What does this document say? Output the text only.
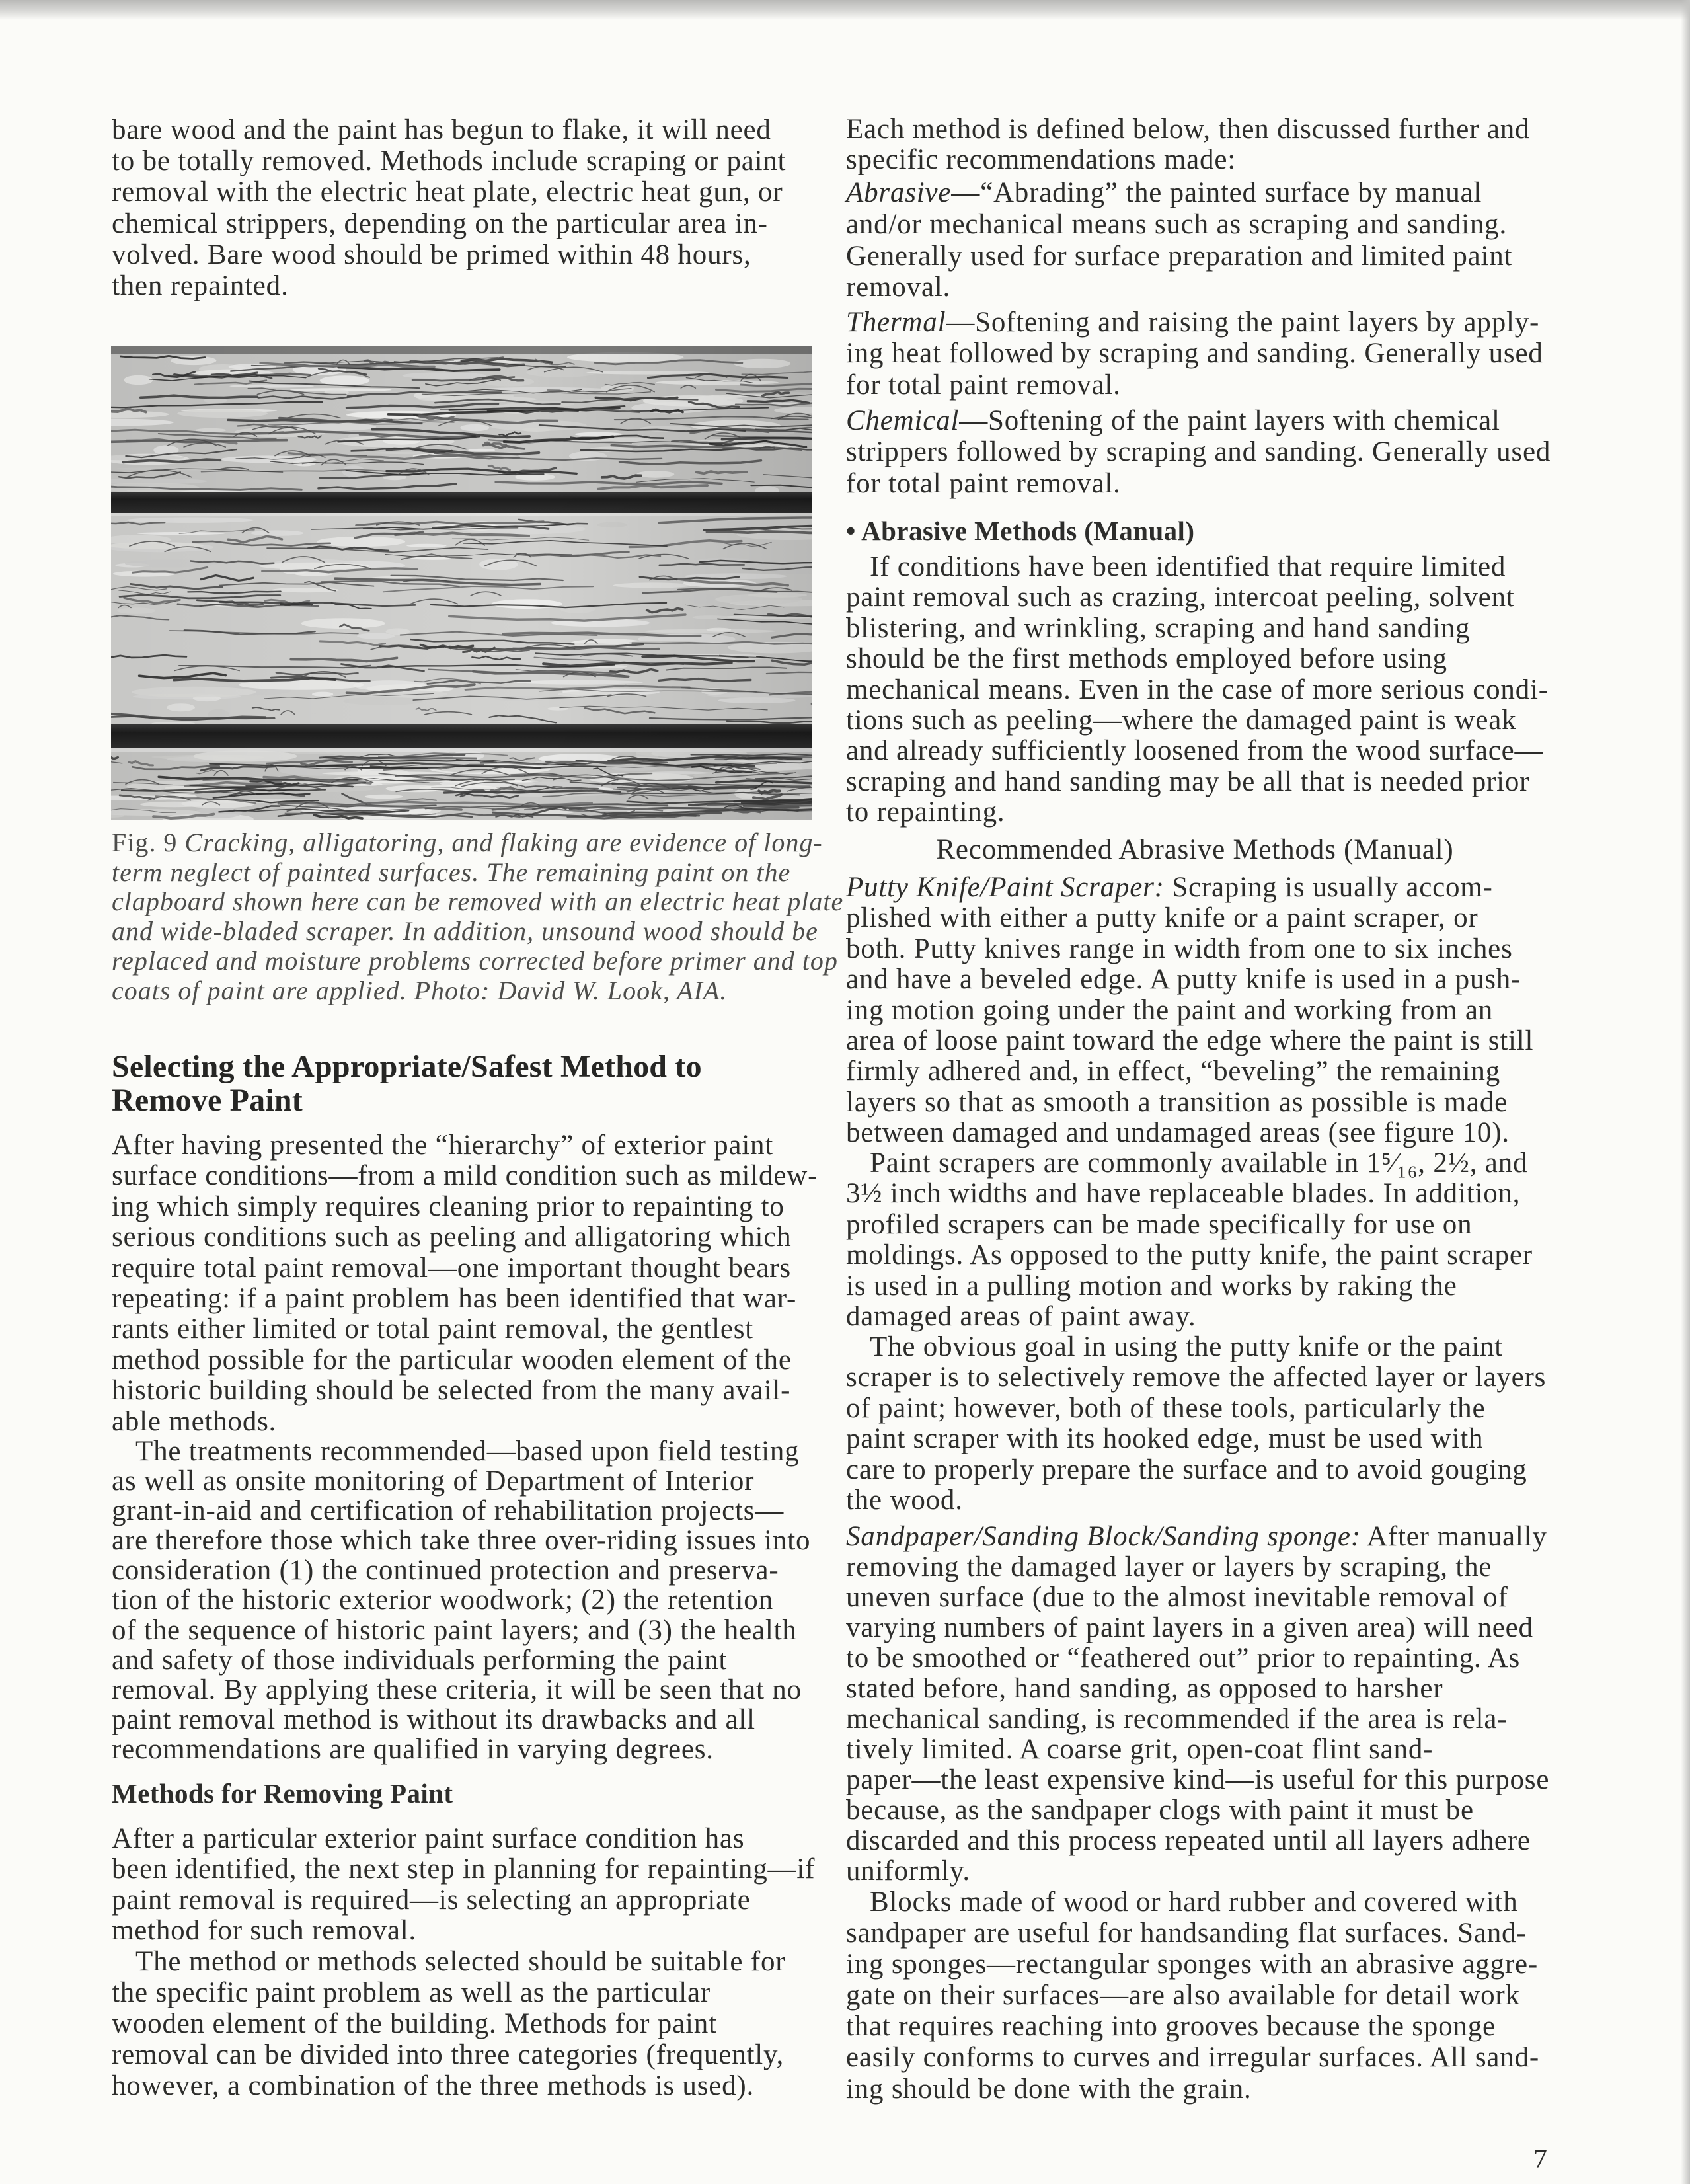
bare wood and the paint has begun to flake, it will need
to be totally removed. Methods include scraping or paint
removal with the electric heat plate, electric heat gun, or
chemical strippers, depending on the particular area in-
volved. Bare wood should be primed within 48 hours,
then repainted.
Fig. 9 Cracking, alligatoring, and flaking are evidence of long-
term neglect of painted surfaces. The remaining paint on the
clapboard shown here can be removed with an electric heat plate
and wide-bladed scraper. In addition, unsound wood should be
replaced and moisture problems corrected before primer and top
coats of paint are applied. Photo: David W. Look, AIA.
Selecting the Appropriate/Safest Method to
Remove Paint
After having presented the “hierarchy” of exterior paint
surface conditions—from a mild condition such as mildew-
ing which simply requires cleaning prior to repainting to
serious conditions such as peeling and alligatoring which
require total paint removal—one important thought bears
repeating: if a paint problem has been identified that war-
rants either limited or total paint removal, the gentlest
method possible for the particular wooden element of the
historic building should be selected from the many avail-
able methods.
The treatments recommended—based upon field testing
as well as onsite monitoring of Department of Interior
grant-in-aid and certification of rehabilitation projects—
are therefore those which take three over-riding issues into
consideration (1) the continued protection and preserva-
tion of the historic exterior woodwork; (2) the retention
of the sequence of historic paint layers; and (3) the health
and safety of those individuals performing the paint
removal. By applying these criteria, it will be seen that no
paint removal method is without its drawbacks and all
recommendations are qualified in varying degrees.
Methods for Removing Paint
After a particular exterior paint surface condition has
been identified, the next step in planning for repainting—if
paint removal is required—is selecting an appropriate
method for such removal.
The method or methods selected should be suitable for
the specific paint problem as well as the particular
wooden element of the building. Methods for paint
removal can be divided into three categories (frequently,
however, a combination of the three methods is used).
Each method is defined below, then discussed further and
specific recommendations made:
Abrasive—“Abrading” the painted surface by manual
and/or mechanical means such as scraping and sanding.
Generally used for surface preparation and limited paint
removal.
Thermal—Softening and raising the paint layers by apply-
ing heat followed by scraping and sanding. Generally used
for total paint removal.
Chemical—Softening of the paint layers with chemical
strippers followed by scraping and sanding. Generally used
for total paint removal.
• Abrasive Methods (Manual)
If conditions have been identified that require limited
paint removal such as crazing, intercoat peeling, solvent
blistering, and wrinkling, scraping and hand sanding
should be the first methods employed before using
mechanical means. Even in the case of more serious condi-
tions such as peeling—where the damaged paint is weak
and already sufficiently loosened from the wood surface—
scraping and hand sanding may be all that is needed prior
to repainting.
Recommended Abrasive Methods (Manual)
Putty Knife/Paint Scraper: Scraping is usually accom-
plished with either a putty knife or a paint scraper, or
both. Putty knives range in width from one to six inches
and have a beveled edge. A putty knife is used in a push-
ing motion going under the paint and working from an
area of loose paint toward the edge where the paint is still
firmly adhered and, in effect, “beveling” the remaining
layers so that as smooth a transition as possible is made
between damaged and undamaged areas (see figure 10).
Paint scrapers are commonly available in 1⁵⁄₁₆, 2½, and
3½ inch widths and have replaceable blades. In addition,
profiled scrapers can be made specifically for use on
moldings. As opposed to the putty knife, the paint scraper
is used in a pulling motion and works by raking the
damaged areas of paint away.
The obvious goal in using the putty knife or the paint
scraper is to selectively remove the affected layer or layers
of paint; however, both of these tools, particularly the
paint scraper with its hooked edge, must be used with
care to properly prepare the surface and to avoid gouging
the wood.
Sandpaper/Sanding Block/Sanding sponge: After manually
removing the damaged layer or layers by scraping, the
uneven surface (due to the almost inevitable removal of
varying numbers of paint layers in a given area) will need
to be smoothed or “feathered out” prior to repainting. As
stated before, hand sanding, as opposed to harsher
mechanical sanding, is recommended if the area is rela-
tively limited. A coarse grit, open-coat flint sand-
paper—the least expensive kind—is useful for this purpose
because, as the sandpaper clogs with paint it must be
discarded and this process repeated until all layers adhere
uniformly.
Blocks made of wood or hard rubber and covered with
sandpaper are useful for handsanding flat surfaces. Sand-
ing sponges—rectangular sponges with an abrasive aggre-
gate on their surfaces—are also available for detail work
that requires reaching into grooves because the sponge
easily conforms to curves and irregular surfaces. All sand-
ing should be done with the grain.
7
